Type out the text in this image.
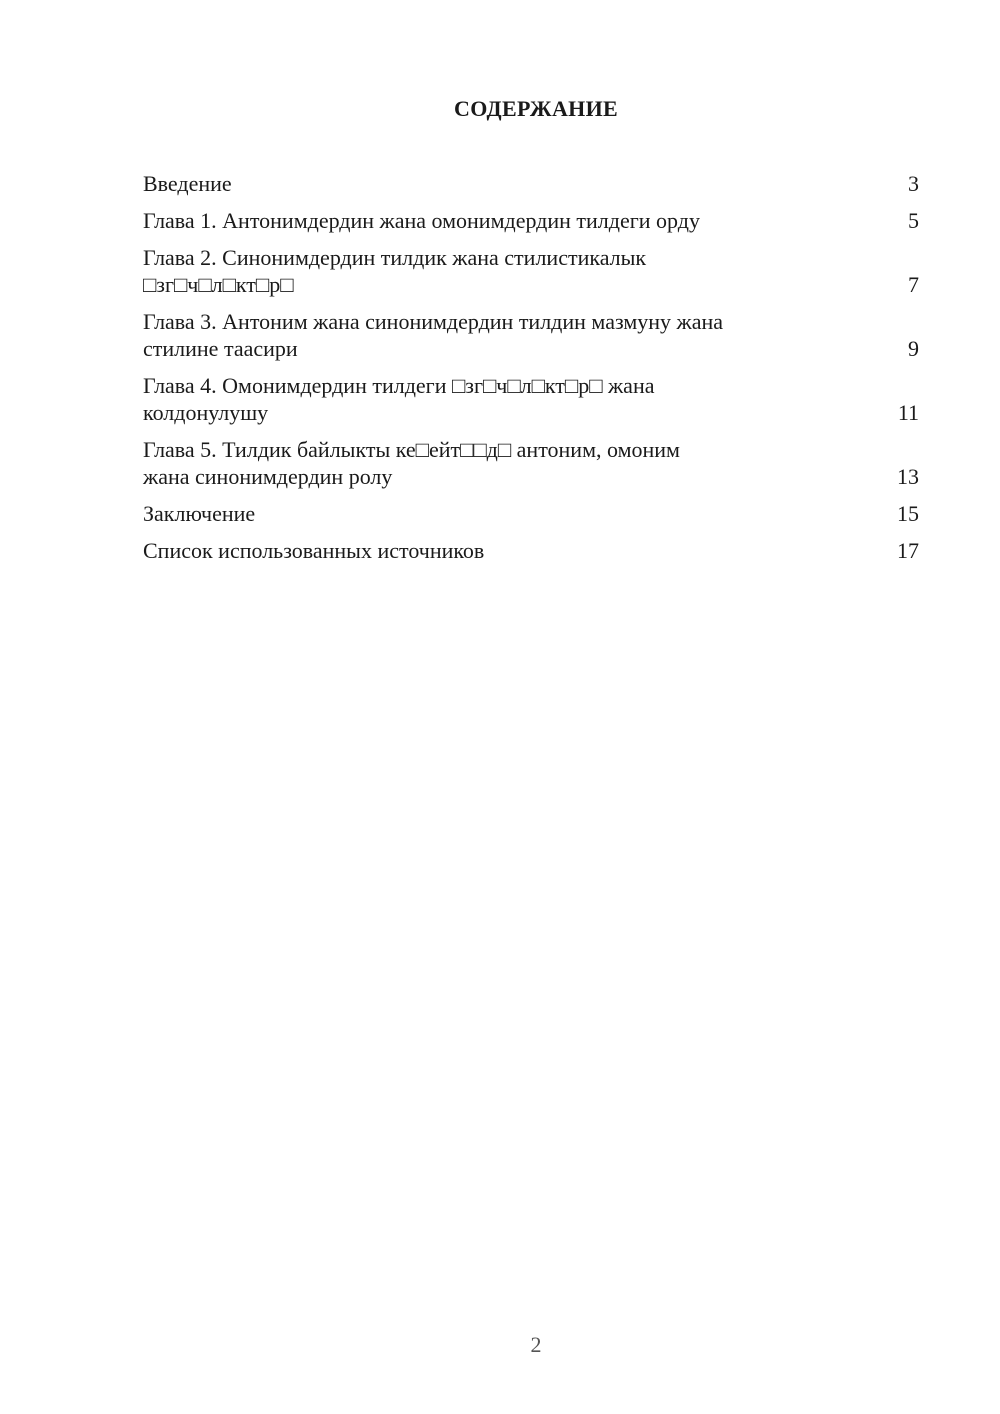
СОДЕРЖАНИЕ
Введение	3
Глава 1. Антонимдердин жана омонимдердин тилдеги орду	5
Глава 2. Синонимдердин тилдик жана стилистикалык
□зг□ч□л□кт□р□	7
Глава 3. Антоним жана синонимдердин тилдин мазмуну жана
стилине таасири	9
Глава 4. Омонимдердин тилдеги □зг□ч□л□кт□р□ жана
колдонулушу	11
Глава 5. Тилдик байлыкты ке□ейт□□д□ антоним, омоним
жана синонимдердин ролу	13
Заключение	15
Список использованных источников	17
2
